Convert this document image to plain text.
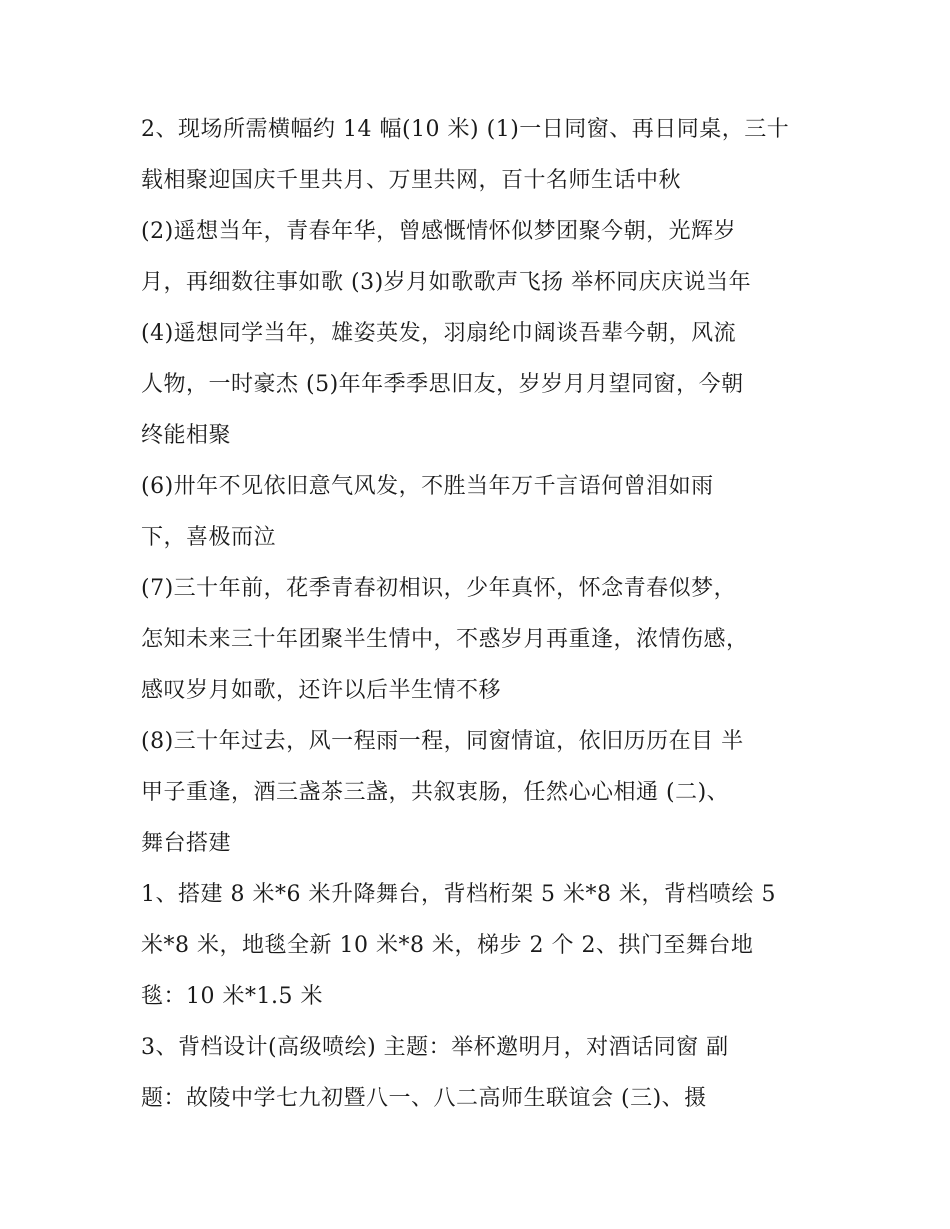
2、现场所需横幅约 14 幅(10 米) (1)一日同窗、再日同桌，三十
载相聚迎国庆千里共月、万里共网，百十名师生话中秋
(2)遥想当年，青春年华，曾感慨情怀似梦团聚今朝，光辉岁
月，再细数往事如歌 (3)岁月如歌歌声飞扬 举杯同庆庆说当年
(4)遥想同学当年，雄姿英发，羽扇纶巾阔谈吾辈今朝，风流
人物，一时豪杰 (5)年年季季思旧友，岁岁月月望同窗，今朝
终能相聚
(6)卅年不见依旧意气风发，不胜当年万千言语何曾泪如雨
下，喜极而泣
(7)三十年前，花季青春初相识，少年真怀，怀念青春似梦，
怎知未来三十年团聚半生情中，不惑岁月再重逢，浓情伤感，
感叹岁月如歌，还许以后半生情不移
(8)三十年过去，风一程雨一程，同窗情谊，依旧历历在目 半
甲子重逢，酒三盏茶三盏，共叙衷肠，任然心心相通 (二)、
舞台搭建
1、搭建 8 米*6 米升降舞台，背档桁架 5 米*8 米，背档喷绘 5
米*8 米，地毯全新 10 米*8 米，梯步 2 个 2、拱门至舞台地
毯：10 米*1.5 米
3、背档设计(高级喷绘) 主题：举杯邀明月，对酒话同窗 副
题：故陵中学七九初暨八一、八二高师生联谊会 (三)、摄
